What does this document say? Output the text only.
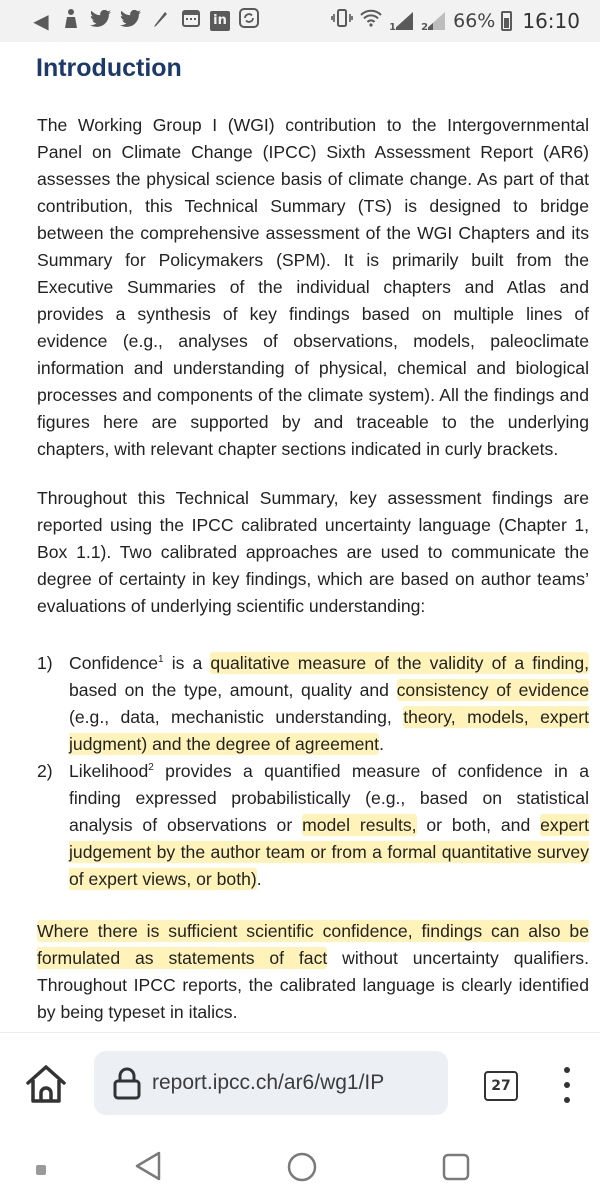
◀	in	1	2 66% 16:10
Introduction

The Working Group I (WGI) contribution to the Intergovernmental Panel on Climate Change (IPCC) Sixth Assessment Report (AR6) assesses the physical science basis of climate change. As part of that contribution, this Technical Summary (TS) is designed to bridge between the comprehensive assessment of the WGI Chapters and its Summary for Policymakers (SPM). It is primarily built from the Executive Summaries of the individual chapters and Atlas and provides a synthesis of key findings based on multiple lines of evidence (e.g., analyses of observations, models, paleoclimate information and understanding of physical, chemical and biological processes and components of the climate system). All the findings and figures here are supported by and traceable to the underlying chapters, with relevant chapter sections indicated in curly brackets.

Throughout this Technical Summary, key assessment findings are reported using the IPCC calibrated uncertainty language (Chapter 1, Box 1.1). Two calibrated approaches are used to communicate the degree of certainty in key findings, which are based on author teams’ evaluations of underlying scientific understanding:

1) Confidence$^1$ is a qualitative measure of the validity of a finding, based on the type, amount, quality and consistency of evidence (e.g., data, mechanistic understanding, theory, models, expert judgment) and the degree of agreement.
2) Likelihood$^2$ provides a quantified measure of confidence in a finding expressed probabilistically (e.g., based on statistical analysis of observations or model results, or both, and expert judgement by the author team or from a formal quantitative survey of expert views, or both).

Where there is sufficient scientific confidence, findings can also be formulated as statements of fact without uncertainty qualifiers. Throughout IPCC reports, the calibrated language is clearly identified by being typeset in italics.

report.ipcc.ch/ar6/wg1/IP	27
